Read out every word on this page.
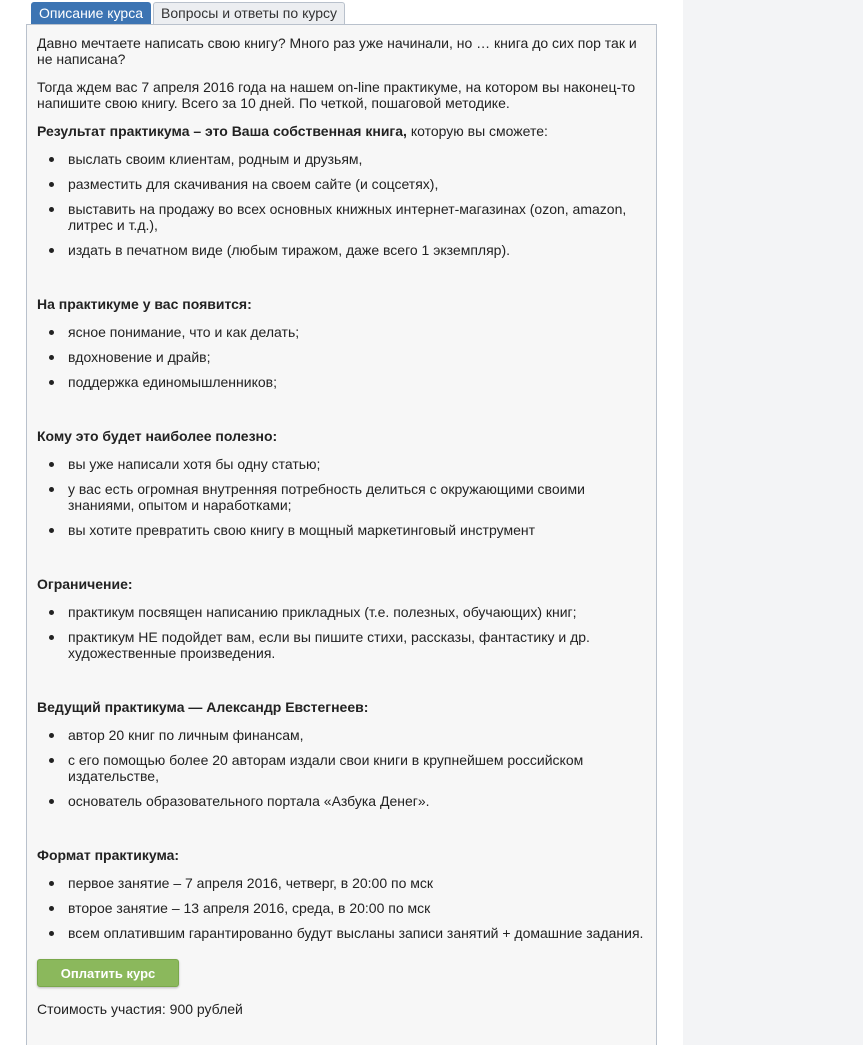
Описание курса	Вопросы и ответы по курсу

Давно мечтаете написать свою книгу? Много раз уже начинали, но … книга до сих пор так и не написана?

Тогда ждем вас 7 апреля 2016 года на нашем on-line практикуме, на котором вы наконец-то напишите свою книгу. Всего за 10 дней. По четкой, пошаговой методике.

Результат практикума – это Ваша собственная книга, которую вы сможете:
выслать своим клиентам, родным и друзьям,
разместить для скачивания на своем сайте (и соцсетях),
выставить на продажу во всех основных книжных интернет-магазинах (ozon, amazon, литрес и т.д.),
издать в печатном виде (любым тиражом, даже всего 1 экземпляр).
На практикуме у вас появится:
ясное понимание, что и как делать;
вдохновение и драйв;
поддержка единомышленников;
Кому это будет наиболее полезно:
вы уже написали хотя бы одну статью;
у вас есть огромная внутренняя потребность делиться с окружающими своими знаниями, опытом и наработками;
вы хотите превратить свою книгу в мощный маркетинговый инструмент
Ограничение:
практикум посвящен написанию прикладных (т.е. полезных, обучающих) книг;
практикум НЕ подойдет вам, если вы пишите стихи, рассказы, фантастику и др. художественные произведения.
Ведущий практикума — Александр Евстегнеев:
автор 20 книг по личным финансам,
с его помощью более 20 авторам издали свои книги в крупнейшем российском издательстве,
основатель образовательного портала «Азбука Денег».
Формат практикума:
первое занятие – 7 апреля 2016, четверг, в 20:00 по мск
второе занятие – 13 апреля 2016, среда, в 20:00 по мск
всем оплатившим гарантированно будут высланы записи занятий + домашние задания.
Оплатить курс
Стоимость участия: 900 рублей
